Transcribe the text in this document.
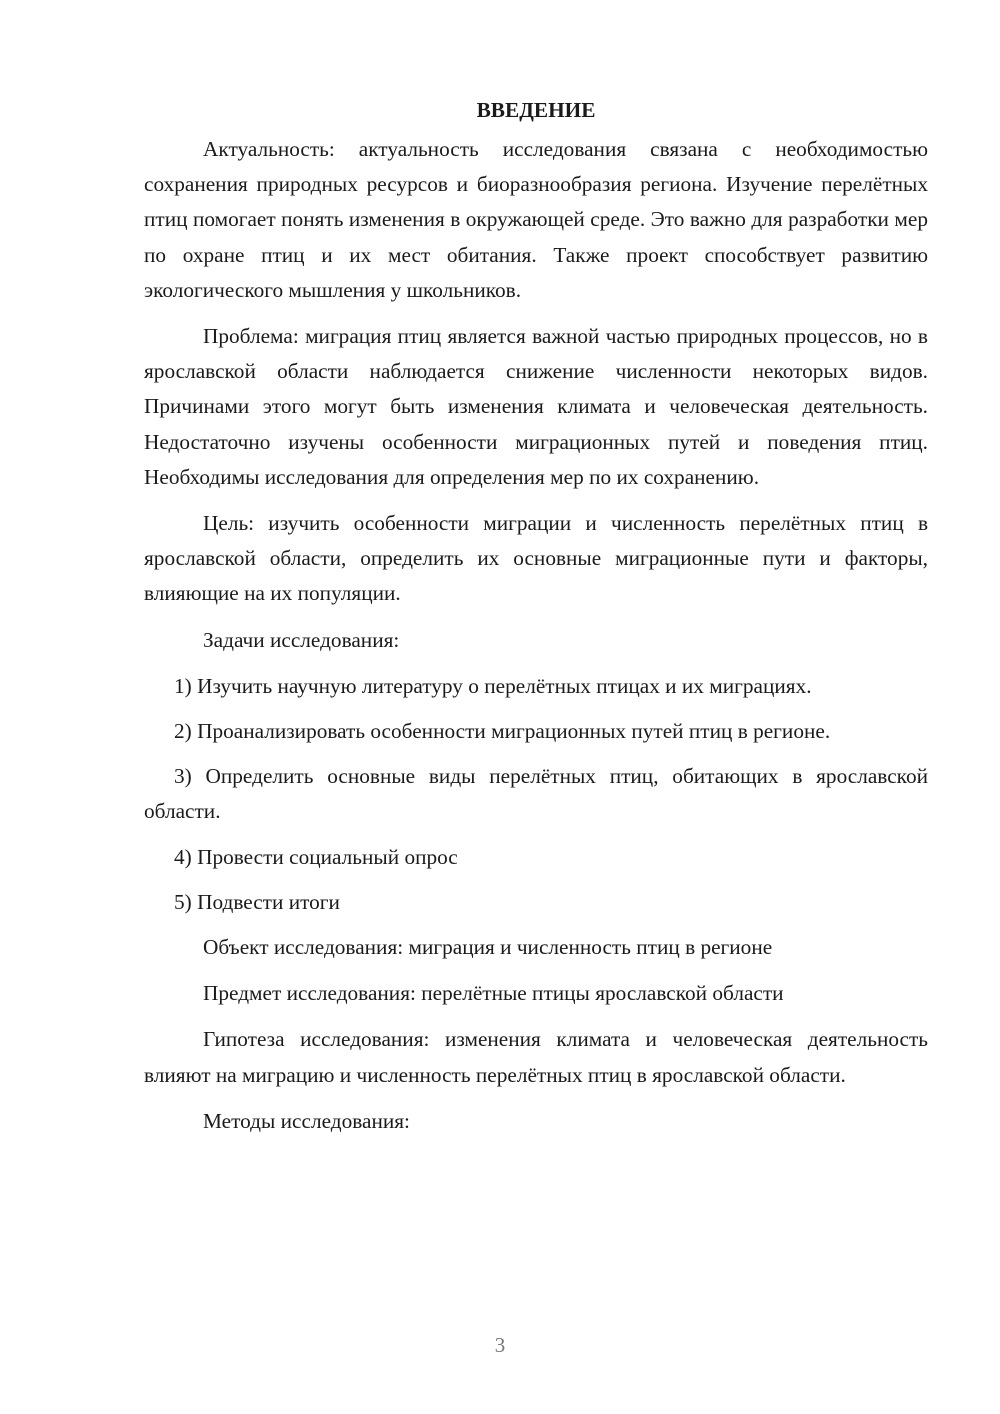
ВВЕДЕНИЕ

Актуальность: актуальность исследования связана с необходимостью сохранения природных ресурсов и биоразнообразия региона. Изучение перелётных птиц помогает понять изменения в окружающей среде. Это важно для разработки мер по охране птиц и их мест обитания. Также проект способствует развитию экологического мышления у школьников.

Проблема: миграция птиц является важной частью природных процессов, но в ярославской области наблюдается снижение численности некоторых видов. Причинами этого могут быть изменения климата и человеческая деятельность. Недостаточно изучены особенности миграционных путей и поведения птиц. Необходимы исследования для определения мер по их сохранению.

Цель: изучить особенности миграции и численность перелётных птиц в ярославской области, определить их основные миграционные пути и факторы, влияющие на их популяции.

Задачи исследования:

1) Изучить научную литературу о перелётных птицах и их миграциях.

2) Проанализировать особенности миграционных путей птиц в регионе.

3) Определить основные виды перелётных птиц, обитающих в ярославской области.

4) Провести социальный опрос

5) Подвести итоги

Объект исследования: миграция и численность птиц в регионе

Предмет исследования: перелётные птицы ярославской области

Гипотеза исследования: изменения климата и человеческая деятельность влияют на миграцию и численность перелётных птиц в ярославской области.

Методы исследования:

3
